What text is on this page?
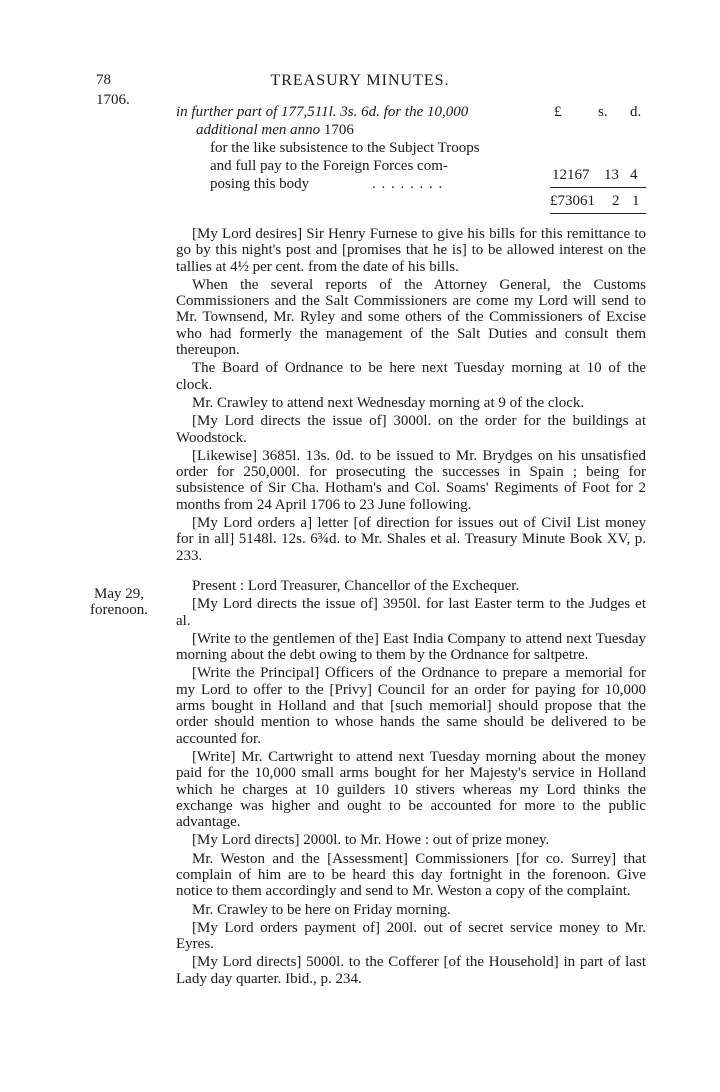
78	TREASURY MINUTES.
1706.
£ s. d.
in further part of 177,511l. 3s. 6d. for the 10,000
additional men anno 1706
for the like subsistence to the Subject Troops
and full pay to the Foreign Forces com-
posing this body	. . . . . . . .
12167 13 4
£73061 2 1
May 29,
forenoon.

[My Lord desires] Sir Henry Furnese to give his bills for this remittance to go by this night's post and [promises that he is] to be allowed interest on the tallies at 4½ per cent. from the date of his bills.

When the several reports of the Attorney General, the Customs Commissioners and the Salt Commissioners are come my Lord will send to Mr. Townsend, Mr. Ryley and some others of the Commissioners of Excise who had formerly the management of the Salt Duties and consult them thereupon.

The Board of Ordnance to be here next Tuesday morning at 10 of the clock.

Mr. Crawley to attend next Wednesday morning at 9 of the clock.

[My Lord directs the issue of] 3000l. on the order for the buildings at Woodstock.

[Likewise] 3685l. 13s. 0d. to be issued to Mr. Brydges on his unsatisfied order for 250,000l. for prosecuting the successes in Spain ; being for subsistence of Sir Cha. Hotham's and Col. Soams' Regiments of Foot for 2 months from 24 April 1706 to 23 June following.

[My Lord orders a] letter [of direction for issues out of Civil List money for in all] 5148l. 12s. 6¾d. to Mr. Shales et al. Treasury Minute Book XV, p. 233.

Present : Lord Treasurer, Chancellor of the Exchequer.

[My Lord directs the issue of] 3950l. for last Easter term to the Judges et al.

[Write to the gentlemen of the] East India Company to attend next Tuesday morning about the debt owing to them by the Ordnance for saltpetre.

[Write the Principal] Officers of the Ordnance to prepare a memorial for my Lord to offer to the [Privy] Council for an order for paying for 10,000 arms bought in Holland and that [such memorial] should propose that the order should mention to whose hands the same should be delivered to be accounted for.

[Write] Mr. Cartwright to attend next Tuesday morning about the money paid for the 10,000 small arms bought for her Majesty's service in Holland which he charges at 10 guilders 10 stivers whereas my Lord thinks the exchange was higher and ought to be accounted for more to the public advantage.

[My Lord directs] 2000l. to Mr. Howe : out of prize money.

Mr. Weston and the [Assessment] Commissioners [for co. Surrey] that complain of him are to be heard this day fortnight in the forenoon. Give notice to them accordingly and send to Mr. Weston a copy of the complaint.

Mr. Crawley to be here on Friday morning.

[My Lord orders payment of] 200l. out of secret service money to Mr. Eyres.

[My Lord directs] 5000l. to the Cofferer [of the Household] in part of last Lady day quarter. Ibid., p. 234.
